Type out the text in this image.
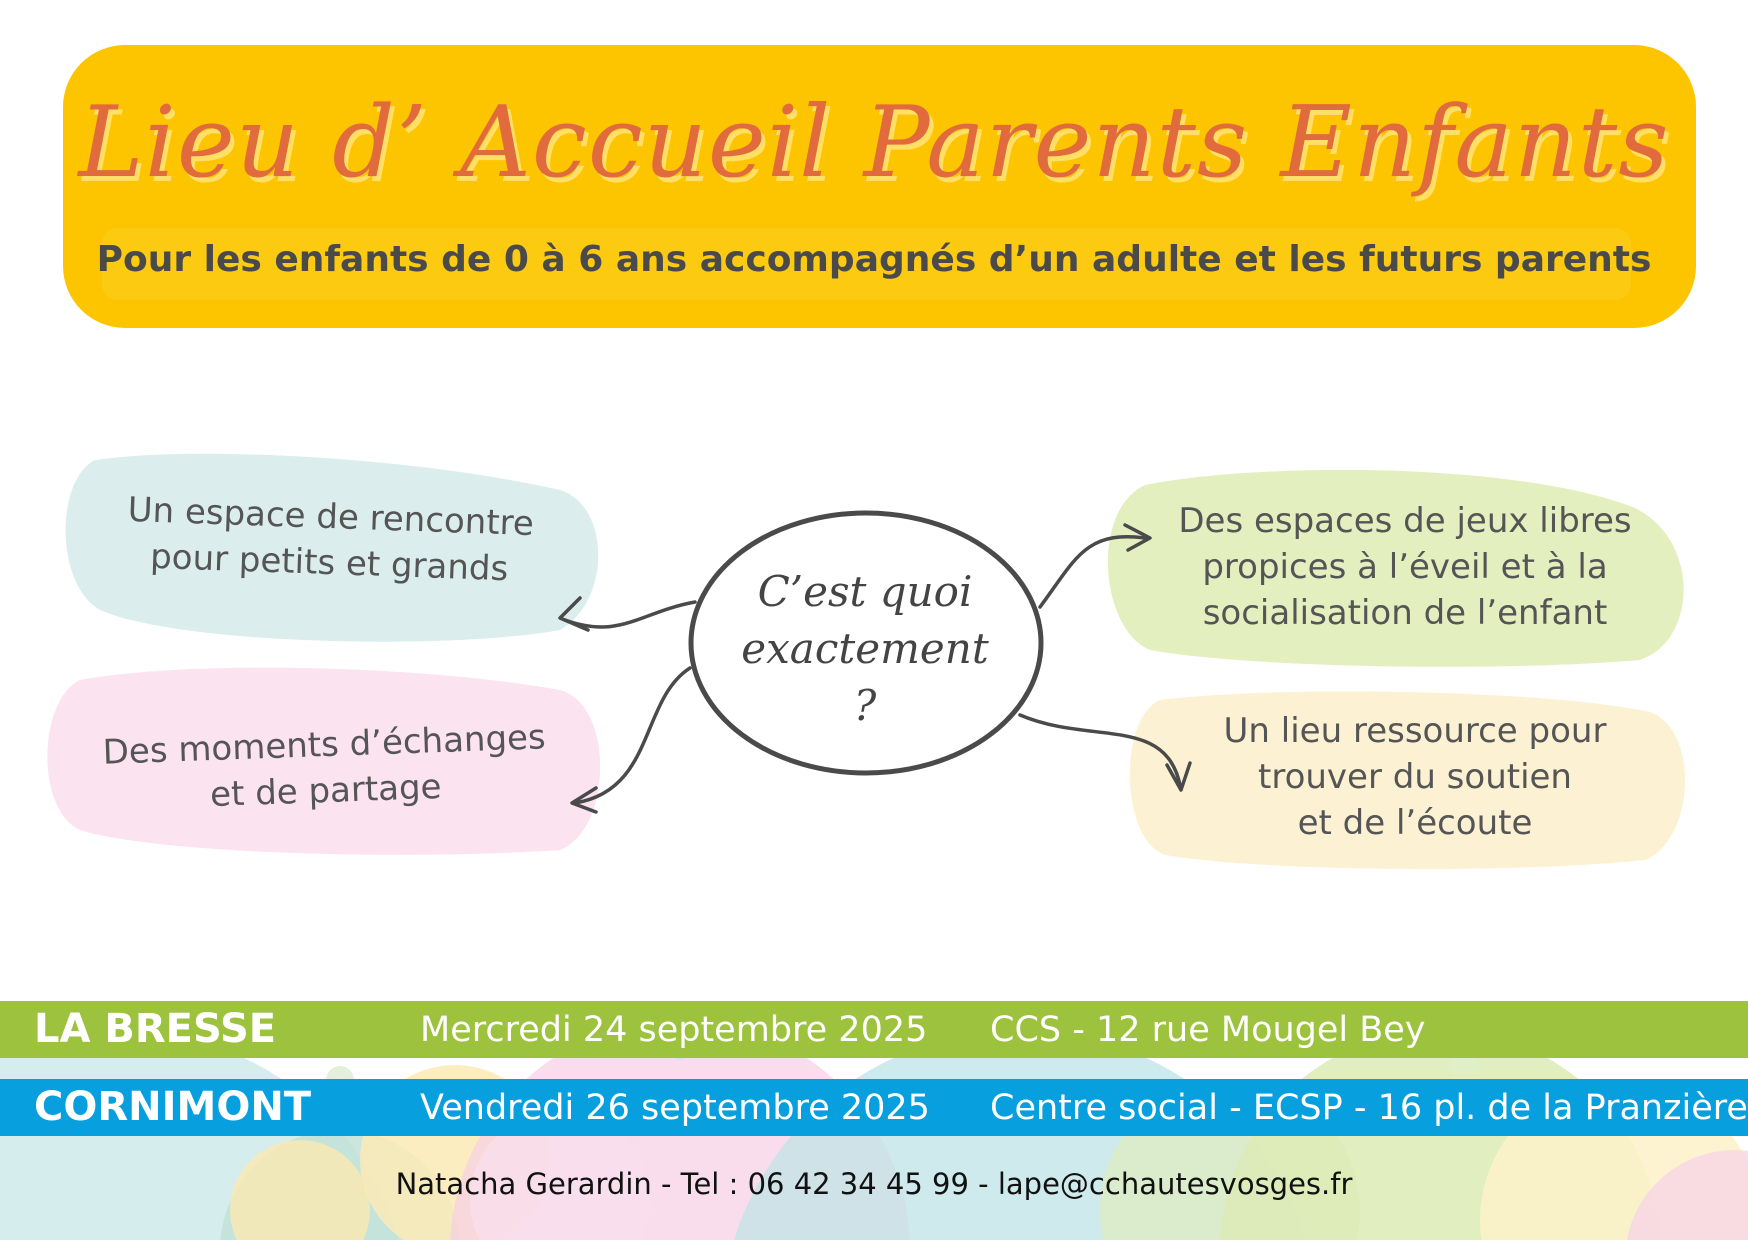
Lieu d’ Accueil Parents Enfants
Pour les enfants de 0 à 6 ans accompagnés d’un adulte et les futurs parents
C’est quoi
exactement
?
Un espace de rencontre
pour petits et grands
Des moments d’échanges
et de partage
Des espaces de jeux libres
propices à l’éveil et à la
socialisation de l’enfant
Un lieu ressource pour
trouver du soutien
et de l’écoute
LA BRESSE	Mercredi 24 septembre 2025 CCS - 12 rue Mougel Bey
CORNIMONT	Vendredi 26 septembre 2025 Centre social - ECSP - 16 pl. de la Pranzière
Natacha Gerardin - Tel : 06 42 34 45 99 - lape@cchautesvosges.fr
